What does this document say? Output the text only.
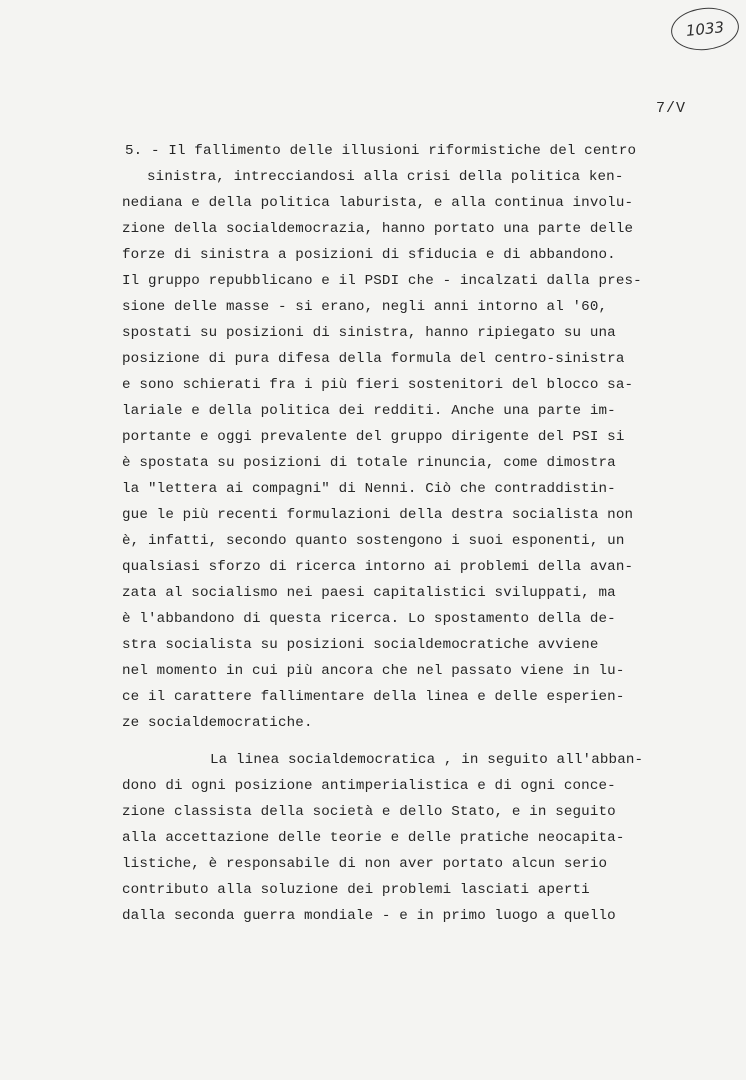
1033
7/V
5. - Il fallimento delle illusioni riformistiche del centro
sinistra, intrecciandosi alla crisi della politica ken-
nediana e della politica laburista, e alla continua involu-
zione della socialdemocrazia, hanno portato una parte delle
forze di sinistra a posizioni di sfiducia e di abbandono.
Il gruppo repubblicano e il PSDI che - incalzati dalla pres-
sione delle masse - si erano, negli anni intorno al '60,
spostati su posizioni di sinistra, hanno ripiegato su una
posizione di pura difesa della formula del centro-sinistra
e sono schierati fra i più fieri sostenitori del blocco sa-
lariale e della politica dei redditi. Anche una parte im-
portante e oggi prevalente del gruppo dirigente del PSI si
è spostata su posizioni di totale rinuncia, come dimostra
la "lettera ai compagni" di Nenni. Ciò che contraddistin-
gue le più recenti formulazioni della destra socialista non
è, infatti, secondo quanto sostengono i suoi esponenti, un
qualsiasi sforzo di ricerca intorno ai problemi della avan-
zata al socialismo nei paesi capitalistici sviluppati, ma
è l'abbandono di questa ricerca. Lo spostamento della de-
stra socialista su posizioni socialdemocratiche avviene
nel momento in cui più ancora che nel passato viene in lu-
ce il carattere fallimentare della linea e delle esperien-
ze socialdemocratiche.
La linea socialdemocratica , in seguito all'abban-
dono di ogni posizione antimperialistica e di ogni conce-
zione classista della società e dello Stato, e in seguito
alla accettazione delle teorie e delle pratiche neocapita-
listiche, è responsabile di non aver portato alcun serio
contributo alla soluzione dei problemi lasciati aperti
dalla seconda guerra mondiale - e in primo luogo a quello
